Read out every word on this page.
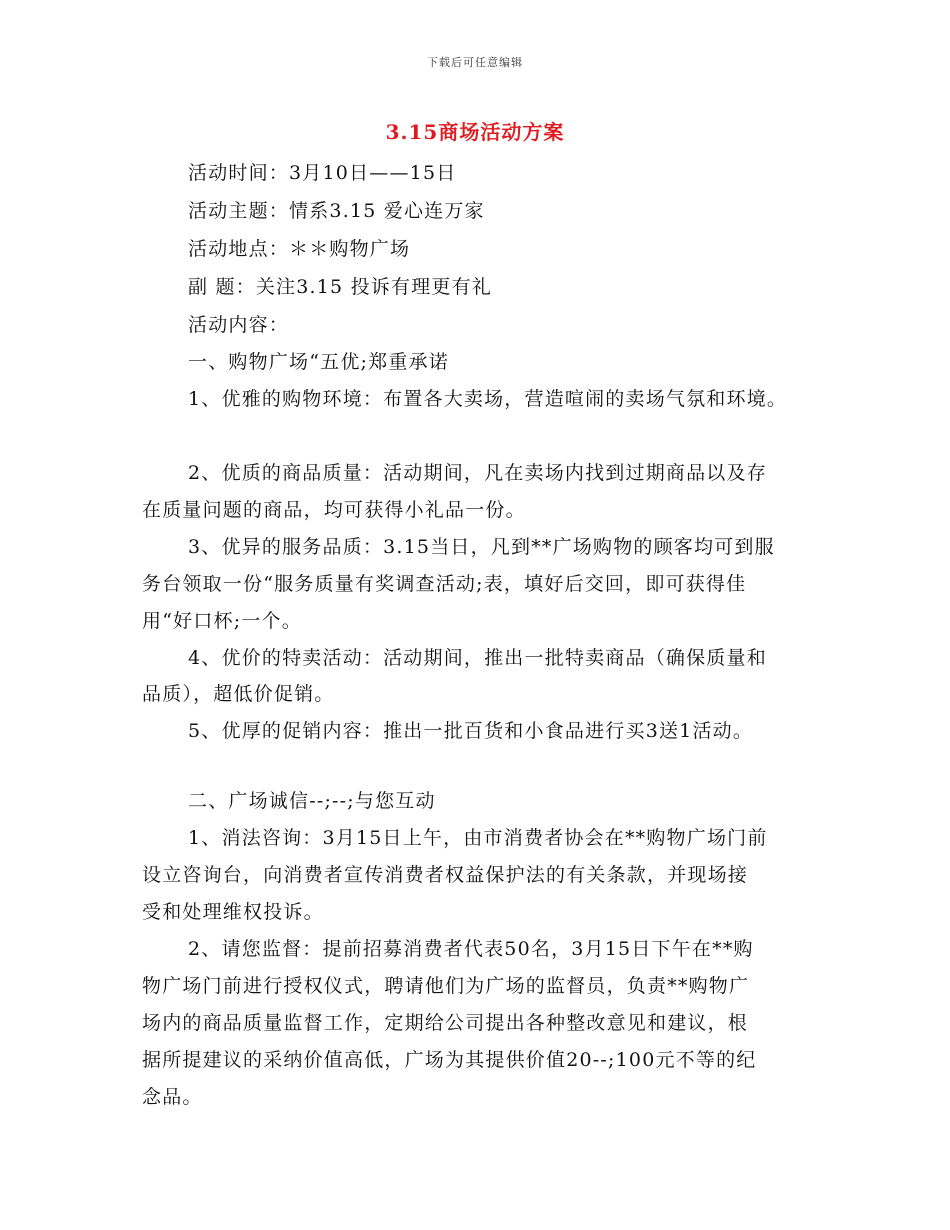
下载后可任意编辑
3.15商场活动方案
活动时间：3月10日——15日
活动主题：情系3.15 爱心连万家
活动地点：＊＊购物广场
副 题：关注3.15 投诉有理更有礼
活动内容：
一、购物广场“五优;郑重承诺
1、优雅的购物环境：布置各大卖场，营造喧闹的卖场气氛和环境。
2、优质的商品质量：活动期间，凡在卖场内找到过期商品以及存
在质量问题的商品，均可获得小礼品一份。
3、优异的服务品质：3.15当日，凡到**广场购物的顾客均可到服
务台领取一份“服务质量有奖调查活动;表，填好后交回，即可获得佳
用“好口杯;一个。
4、优价的特卖活动：活动期间，推出一批特卖商品（确保质量和
品质），超低价促销。
5、优厚的促销内容：推出一批百货和小食品进行买3送1活动。
二、广场诚信--;--;与您互动
1、消法咨询：3月15日上午，由市消费者协会在**购物广场门前
设立咨询台，向消费者宣传消费者权益保护法的有关条款，并现场接
受和处理维权投诉。
2、请您监督：提前招募消费者代表50名，3月15日下午在**购
物广场门前进行授权仪式，聘请他们为广场的监督员，负责**购物广
场内的商品质量监督工作，定期给公司提出各种整改意见和建议，根
据所提建议的采纳价值高低，广场为其提供价值20--;100元不等的纪
念品。
